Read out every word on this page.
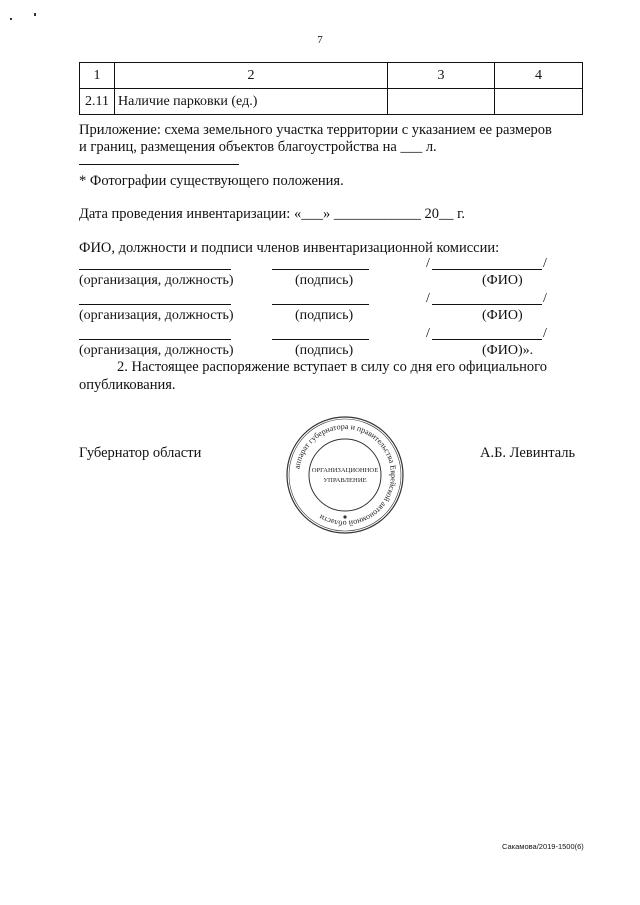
7
1	2	3	4
2.11	Наличие парковки (ед.)		
Приложение: схема земельного участка территории с указанием ее размеров
и границ, размещения объектов благоустройства на ___ л.
* Фотографии существующего положения.
Дата проведения инвентаризации: «___» ____________ 20__ г.
ФИО, должности и подписи членов инвентаризационной комиссии:
/	/
(организация, должность)	(подпись)	(ФИО)
/	/
(организация, должность)	(подпись)	(ФИО)
/	/
(организация, должность)	(подпись)	(ФИО)».
2. Настоящее распоряжение вступает в силу со дня его официального
опубликования.
Губернатор области	А.Б. Левинталь
аппарат губернатора и правительства Еврейской автономной области
ОРГАНИЗАЦИОННОЕ
УПРАВЛЕНИЕ
Сакамова/2019-1500(6)
